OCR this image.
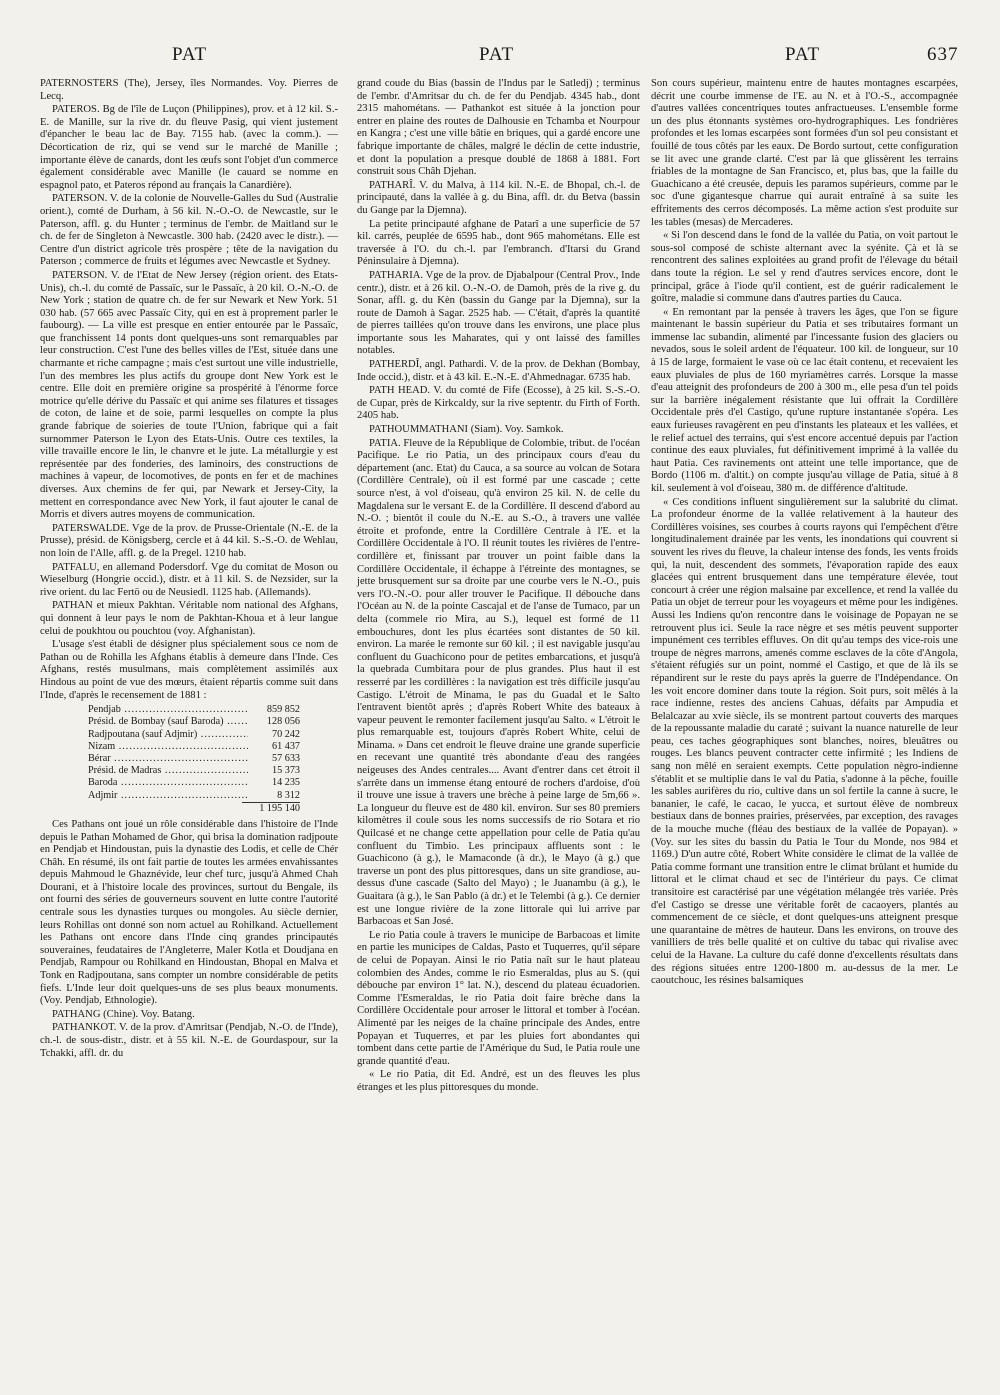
PAT	PAT	PAT	637

PATERNOSTERS (The), Jersey, îles Normandes. Voy. Pierres de Lecq.

PATEROS. Bg de l'île de Luçon (Philippines), prov. et à 12 kil. S.-E. de Manille, sur la rive dr. du fleuve Pasig, qui vient justement d'épancher le beau lac de Bay. 7155 hab. (avec la comm.). — Décortication de riz, qui se vend sur le marché de Manille ; importante élève de canards, dont les œufs sont l'objet d'un commerce également considérable avec Manille (le cauard se nomme en espagnol pato, et Pateros répond au français la Canardière).

PATERSON. V. de la colonie de Nouvelle-Galles du Sud (Australie orient.), comté de Durham, à 56 kil. N.-O.-O. de Newcastle, sur le Paterson, affl. g. du Hunter ; terminus de l'embr. de Maitland sur le ch. de fer de Singleton à Newcastle. 300 hab. (2420 avec le distr.). — Centre d'un district agricole très prospère ; tête de la navigation du Paterson ; commerce de fruits et légumes avec Newcastle et Sydney.

PATERSON. V. de l'Etat de New Jersey (région orient. des Etats-Unis), ch.-l. du comté de Passaïc, sur le Passaïc, à 20 kil. O.-N.-O. de New York ; station de quatre ch. de fer sur Newark et New York. 51 030 hab. (57 665 avec Passaïc City, qui en est à proprement parler le faubourg). — La ville est presque en entier entourée par le Passaïc, que franchissent 14 ponts dont quelques-uns sont remarquables par leur construction. C'est l'une des belles villes de l'Est, située dans une charmante et riche campagne ; mais c'est surtout une ville industrielle, l'un des membres les plus actifs du groupe dont New York est le centre. Elle doit en première origine sa prospérité à l'énorme force motrice qu'elle dérive du Passaïc et qui anime ses filatures et tissages de coton, de laine et de soie, parmi lesquelles on compte la plus grande fabrique de soieries de toute l'Union, fabrique qui a fait surnommer Paterson le Lyon des Etats-Unis. Outre ces textiles, la ville travaille encore le lin, le chanvre et le jute. La métallurgie y est représentée par des fonderies, des laminoirs, des constructions de machines à vapeur, de locomotives, de ponts en fer et de machines diverses. Aux chemins de fer qui, par Newark et Jersey-City, la mettent en correspondance avec New York, il faut ajouter le canal de Morris et divers autres moyens de communication.

PATERSWALDE. Vge de la prov. de Prusse-Orientale (N.-E. de la Prusse), présid. de Königsberg, cercle et à 44 kil. S.-S.-O. de Wehlau, non loin de l'Alle, affl. g. de la Pregel. 1210 hab.

PATFALU, en allemand Podersdorf. Vge du comitat de Moson ou Wieselburg (Hongrie occid.), distr. et à 11 kil. S. de Nezsider, sur la rive orient. du lac Fertö ou de Neusiedl. 1125 hab. (Allemands).

PATHAN et mieux Pakhtan. Véritable nom national des Afghans, qui donnent à leur pays le nom de Pakhtan-Khoua et à leur langue celui de poukhtou ou pouchtou (voy. Afghanistan).

L'usage s'est établi de désigner plus spécialement sous ce nom de Pathan ou de Rohilla les Afghans établis à demeure dans l'Inde. Ces Afghans, restés musulmans, mais complètement assimilés aux Hindous au point de vue des mœurs, étaient répartis comme suit dans l'Inde, d'après le recensement de 1881 :

Pendjab .....	859 852
Présid. de Bombay (sauf Baroda) .....	128 056
Radjpoutana (sauf Adjmir) .....	70 242
Nizam .....	61 437
Bérar .....	57 633
Présid. de Madras .....	15 373
Baroda .....	14 235
Adjmir .....	8 312
1 195 140

Ces Pathans ont joué un rôle considérable dans l'histoire de l'Inde depuis le Pathan Mohamed de Ghor, qui brisa la domination radjpoute en Pendjab et Hindoustan, puis la dynastie des Lodis, et celle de Chér Châh. En résumé, ils ont fait partie de toutes les armées envahissantes depuis Mahmoud le Ghaznévide, leur chef turc, jusqu'à Ahmed Chah Dourani, et à l'histoire locale des provinces, surtout du Bengale, ils ont fourni des séries de gouverneurs souvent en lutte contre l'autorité centrale sous les dynasties turques ou mongoles. Au siècle dernier, leurs Rohillas ont donné son nom actuel au Rohilkand. Actuellement les Pathans ont encore dans l'Inde cinq grandes principautés souveraines, feudataires de l'Angleterre, Maler Kotla et Doudjana en Pendjab, Rampour ou Rohilkand en Hindoustan, Bhopal en Malva et Tonk en Radjpoutana, sans compter un nombre considérable de petits fiefs. L'Inde leur doit quelques-uns de ses plus beaux monuments. (Voy. Pendjab, Ethnologie).

PATHANG (Chine). Voy. Batang.

PATHANKOT. V. de la prov. d'Amritsar (Pendjab, N.-O. de l'Inde), ch.-l. de sous-distr., distr. et à 55 kil. N.-E. de Gourdaspour, sur la Tchakki, affl. dr. du

grand coude du Bias (bassin de l'Indus par le Satledj) ; terminus de l'embr. d'Amritsar du ch. de fer du Pendjab. 4345 hab., dont 2315 mahométans. — Pathankot est située à la jonction pour entrer en plaine des routes de Dalhousie en Tchamba et Nourpour en Kangra ; c'est une ville bâtie en briques, qui a gardé encore une fabrique importante de châles, malgré le déclin de cette industrie, et dont la population a presque doublé de 1868 à 1881. Fort construit sous Châh Djehan.

PATHARÎ. V. du Malva, à 114 kil. N.-E. de Bhopal, ch.-l. de principauté, dans la vallée à g. du Bina, affl. dr. du Betva (bassin du Gange par la Djemna).

La petite principauté afghane de Patarî a une superficie de 57 kil. carrés, peuplée de 6595 hab., dont 965 mahométans. Elle est traversée à l'O. du ch.-l. par l'embranch. d'Itarsi du Grand Péninsulaire à Djemna).

PATHARIA. Vge de la prov. de Djabalpour (Central Prov., Inde centr.), distr. et à 26 kil. O.-N.-O. de Damoh, près de la rive g. du Sonar, affl. g. du Kèn (bassin du Gange par la Djemna), sur la route de Damoh à Sagar. 2525 hab. — C'était, d'après la quantité de pierres taillées qu'on trouve dans les environs, une place plus importante sous les Maharates, qui y ont laissé des familles notables.

PATHERDÎ, angl. Pathardi. V. de la prov. de Dekhan (Bombay, Inde occid.), distr. et à 43 kil. E.-N.-E. d'Ahmednagar. 6735 hab.

PATH HEAD. V. du comté de Fife (Ecosse), à 25 kil. S.-S.-O. de Cupar, près de Kirkcaldy, sur la rive septentr. du Firth of Forth. 2405 hab.

PATHOUMMATHANI (Siam). Voy. Samkok.

PATIA. Fleuve de la République de Colombie, tribut. de l'océan Pacifique. Le rio Patia, un des principaux cours d'eau du département (anc. Etat) du Cauca, a sa source au volcan de Sotara (Cordillère Centrale), où il est formé par une cascade ; cette source n'est, à vol d'oiseau, qu'à environ 25 kil. N. de celle du Magdalena sur le versant E. de la Cordillère. Il descend d'abord au N.-O. ; bientôt il coule du N.-E. au S.-O., à travers une vallée étroite et profonde, entre la Cordillère Centrale à l'E. et la Cordillère Occidentale à l'O. Il réunit toutes les rivières de l'entre-cordillère et, finissant par trouver un point faible dans la Cordillère Occidentale, il échappe à l'étreinte des montagnes, se jette brusquement sur sa droite par une courbe vers le N.-O., puis vers l'O.-N.-O. pour aller trouver le Pacifique. Il débouche dans l'Océan au N. de la pointe Cascajal et de l'anse de Tumaco, par un delta (commele rio Mira, au S.), lequel est formé de 11 embouchures, dont les plus écartées sont distantes de 50 kil. environ. La marée le remonte sur 60 kil. ; il est navigable jusqu'au confluent du Guachicono pour de petites embarcations, et jusqu'à la quebrada Cumbitara pour de plus grandes. Plus haut il est resserré par les cordillères : la navigation est très difficile jusqu'au Castigo. L'étroit de Minama, le pas du Guadal et le Salto l'entravent bientôt après ; d'après Robert White des bateaux à vapeur peuvent le remonter facilement jusqu'au Salto. « L'étroit le plus remarquable est, toujours d'après Robert White, celui de Minama. » Dans cet endroit le fleuve draine une grande superficie en recevant une quantité très abondante d'eau des rangées neigeuses des Andes centrales.... Avant d'entrer dans cet étroit il s'arrête dans un immense étang entouré de rochers d'ardoise, d'où il trouve une issue à travers une brèche à peine large de 5m,66 ». La longueur du fleuve est de 480 kil. environ. Sur ses 80 premiers kilomètres il coule sous les noms successifs de rio Sotara et rio Quilcasé et ne change cette appellation pour celle de Patia qu'au confluent du Timbio. Les principaux affluents sont : le Guachicono (à g.), le Mamaconde (à dr.), le Mayo (à g.) que traverse un pont des plus pittoresques, dans un site grandiose, au-dessus d'une cascade (Salto del Mayo) ; le Juanambu (à g.), le Guaitara (à g.), le San Pablo (à dr.) et le Telembi (à g.). Ce dernier est une longue rivière de la zone littorale qui lui arrive par Barbacoas et San José.

Le rio Patia coule à travers le municipe de Barbacoas et limite en partie les municipes de Caldas, Pasto et Tuquerres, qu'il sépare de celui de Popayan. Ainsi le rio Patia naît sur le haut plateau colombien des Andes, comme le rio Esmeraldas, plus au S. (qui débouche par environ 1° lat. N.), descend du plateau écuadorien. Comme l'Esmeraldas, le rio Patia doit faire brèche dans la Cordillère Occidentale pour arroser le littoral et tomber à l'océan. Alimenté par les neiges de la chaîne principale des Andes, entre Popayan et Tuquerres, et par les pluies fort abondantes qui tombent dans cette partie de l'Amérique du Sud, le Patia roule une grande quantité d'eau.

« Le rio Patia, dit Ed. André, est un des fleuves les plus étranges et les plus pittoresques du monde.

Son cours supérieur, maintenu entre de hautes montagnes escarpées, décrit une courbe immense de l'E. au N. et à l'O.-S., accompagnée d'autres vallées concentriques toutes anfractueuses. L'ensemble forme un des plus étonnants systèmes oro-hydrographiques. Les fondrières profondes et les lomas escarpées sont formées d'un sol peu consistant et fouillé de tous côtés par les eaux. De Bordo surtout, cette configuration se lit avec une grande clarté. C'est par là que glissèrent les terrains friables de la montagne de San Francisco, et, plus bas, que la faille du Guachicano a été creusée, depuis les paramos supérieurs, comme par le soc d'une gigantesque charrue qui aurait entraîné à sa suite les effritements des cerros décomposés. La même action s'est produite sur les tables (mesas) de Mercaderes.

« Si l'on descend dans le fond de la vallée du Patia, on voit partout le sous-sol composé de schiste alternant avec la syénite. Çà et là se rencontrent des salines exploitées au grand profit de l'élevage du bétail dans toute la région. Le sel y rend d'autres services encore, dont le principal, grâce à l'iode qu'il contient, est de guérir radicalement le goître, maladie si commune dans d'autres parties du Cauca.

« En remontant par la pensée à travers les âges, que l'on se figure maintenant le bassin supérieur du Patia et ses tributaires formant un immense lac subandin, alimenté par l'incessante fusion des glaciers ou nevados, sous le soleil ardent de l'équateur. 100 kil. de longueur, sur 10 à 15 de large, formaient le vase où ce lac était contenu, et recevaient les eaux pluviales de plus de 160 myriamètres carrés. Lorsque la masse d'eau atteignit des profondeurs de 200 à 300 m., elle pesa d'un tel poids sur la barrière inégalement résistante que lui offrait la Cordillère Occidentale près d'el Castigo, qu'une rupture instantanée s'opéra. Les eaux furieuses ravagèrent en peu d'instants les plateaux et les vallées, et le relief actuel des terrains, qui s'est encore accentué depuis par l'action continue des eaux pluviales, fut définitivement imprimé à la vallée du haut Patia. Ces ravinements ont atteint une telle importance, que de Bordo (1106 m. d'altit.) on compte jusqu'au village de Patia, situé à 8 kil. seulement à vol d'oiseau, 380 m. de différence d'altitude.

« Ces conditions influent singulièrement sur la salubrité du climat. La profondeur énorme de la vallée relativement à la hauteur des Cordillères voisines, ses courbes à courts rayons qui l'empêchent d'être longitudinalement drainée par les vents, les inondations qui couvrent si souvent les rives du fleuve, la chaleur intense des fonds, les vents froids qui, la nuit, descendent des sommets, l'évaporation rapide des eaux glacées qui entrent brusquement dans une température élevée, tout concourt à créer une région malsaine par excellence, et rend la vallée du Patia un objet de terreur pour les voyageurs et même pour les indigènes. Aussi les Indiens qu'on rencontre dans le voisinage de Popayan ne se retrouvent plus ici. Seule la race nègre et ses métis peuvent supporter impunément ces terribles effluves. On dit qu'au temps des vice-rois une troupe de nègres marrons, amenés comme esclaves de la côte d'Angola, s'étaient réfugiés sur un point, nommé el Castigo, et que de là ils se répandirent sur le reste du pays après la guerre de l'Indépendance. On les voit encore dominer dans toute la région. Soit purs, soit mêlés à la race indienne, restes des anciens Cahuas, défaits par Ampudia et Belalcazar au xvie siècle, ils se montrent partout couverts des marques de la repoussante maladie du caraté ; suivant la nuance naturelle de leur peau, ces taches géographiques sont blanches, noires, bleuâtres ou rouges. Les blancs peuvent contracter cette infirmité ; les Indiens de sang non mêlé en seraient exempts. Cette population nègro-indienne s'établit et se multiplie dans le val du Patia, s'adonne à la pêche, fouille les sables aurifères du rio, cultive dans un sol fertile la canne à sucre, le bananier, le café, le cacao, le yucca, et surtout élève de nombreux bestiaux dans de bonnes prairies, préservées, par exception, des ravages de la mouche muche (fléau des bestiaux de la vallée de Popayan). » (Voy. sur les sites du bassin du Patia le Tour du Monde, nos 984 et 1169.) D'un autre côté, Robert White considère le climat de la vallée de Patia comme formant une transition entre le climat brûlant et humide du littoral et le climat chaud et sec de l'intérieur du pays. Ce climat transitoire est caractérisé par une végétation mélangée très variée. Près d'el Castigo se dresse une véritable forêt de cacaoyers, plantés au commencement de ce siècle, et dont quelques-uns atteignent presque une quarantaine de mètres de hauteur. Dans les environs, on trouve des vanilliers de très belle qualité et on cultive du tabac qui rivalise avec celui de la Havane. La culture du café donne d'excellents résultats dans des régions situées entre 1200-1800 m. au-dessus de la mer. Le caoutchouc, les résines balsamiques
